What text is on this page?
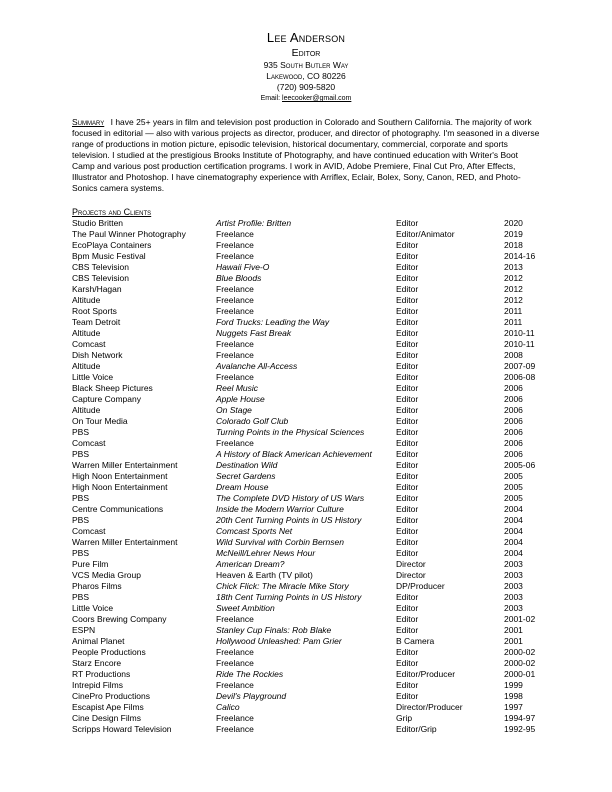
Lee Anderson
Editor
935 South Butler Way
Lakewood, CO 80226
(720) 909-5820
Email: leecooker@gmail.com
Summary I have 25+ years in film and television post production in Colorado and Southern California. The majority of work focused in editorial — also with various projects as director, producer, and director of photography. I'm seasoned in a diverse range of productions in motion picture, episodic television, historical documentary, commercial, corporate and sports television. I studied at the prestigious Brooks Institute of Photography, and have continued education with Writer's Boot Camp and various post production certification programs. I work in AVID, Adobe Premiere, Final Cut Pro, After Effects, Illustrator and Photoshop. I have cinematography experience with Arriflex, Eclair, Bolex, Sony, Canon, RED, and Photo-Sonics camera systems.
Projects and Clients
Studio Britten	Artist Profile: Britten	Editor	2020
The Paul Winner Photography	Freelance	Editor/Animator	2019
EcoPlaya Containers	Freelance	Editor	2018
Bpm Music Festival	Freelance	Editor	2014-16
CBS Television	Hawaii Five-O	Editor	2013
CBS Television	Blue Bloods	Editor	2012
Karsh/Hagan	Freelance	Editor	2012
Altitude	Freelance	Editor	2012
Root Sports	Freelance	Editor	2011
Team Detroit	Ford Trucks: Leading the Way	Editor	2011
Altitude	Nuggets Fast Break	Editor	2010-11
Comcast	Freelance	Editor	2010-11
Dish Network	Freelance	Editor	2008
Altitude	Avalanche All-Access	Editor	2007-09
Little Voice	Freelance	Editor	2006-08
Black Sheep Pictures	Reel Music	Editor	2006
Capture Company	Apple House	Editor	2006
Altitude	On Stage	Editor	2006
On Tour Media	Colorado Golf Club	Editor	2006
PBS	Turning Points in the Physical Sciences	Editor	2006
Comcast	Freelance	Editor	2006
PBS	A History of Black American Achievement	Editor	2006
Warren Miller Entertainment	Destination Wild	Editor	2005-06
High Noon Entertainment	Secret Gardens	Editor	2005
High Noon Entertainment	Dream House	Editor	2005
PBS	The Complete DVD History of US Wars	Editor	2005
Centre Communications	Inside the Modern Warrior Culture	Editor	2004
PBS	20th Cent Turning Points in US History	Editor	2004
Comcast	Comcast Sports Net	Editor	2004
Warren Miller Entertainment	Wild Survival with Corbin Bernsen	Editor	2004
PBS	McNeill/Lehrer News Hour	Editor	2004
Pure Film	American Dream?	Director	2003
VCS Media Group	Heaven & Earth (TV pilot)	Director	2003
Pharos Films	Chick Flick: The Miracle Mike Story	DP/Producer	2003
PBS	18th Cent Turning Points in US History	Editor	2003
Little Voice	Sweet Ambition	Editor	2003
Coors Brewing Company	Freelance	Editor	2001-02
ESPN	Stanley Cup Finals: Rob Blake	Editor	2001
Animal Planet	Hollywood Unleashed: Pam Grier	B Camera	2001
People Productions	Freelance	Editor	2000-02
Starz Encore	Freelance	Editor	2000-02
RT Productions	Ride The Rockies	Editor/Producer	2000-01
Intrepid Films	Freelance	Editor	1999
CinePro Productions	Devil's Playground	Editor	1998
Escapist Ape Films	Calico	Director/Producer	1997
Cine Design Films	Freelance	Grip	1994-97
Scripps Howard Television	Freelance	Editor/Grip	1992-95
